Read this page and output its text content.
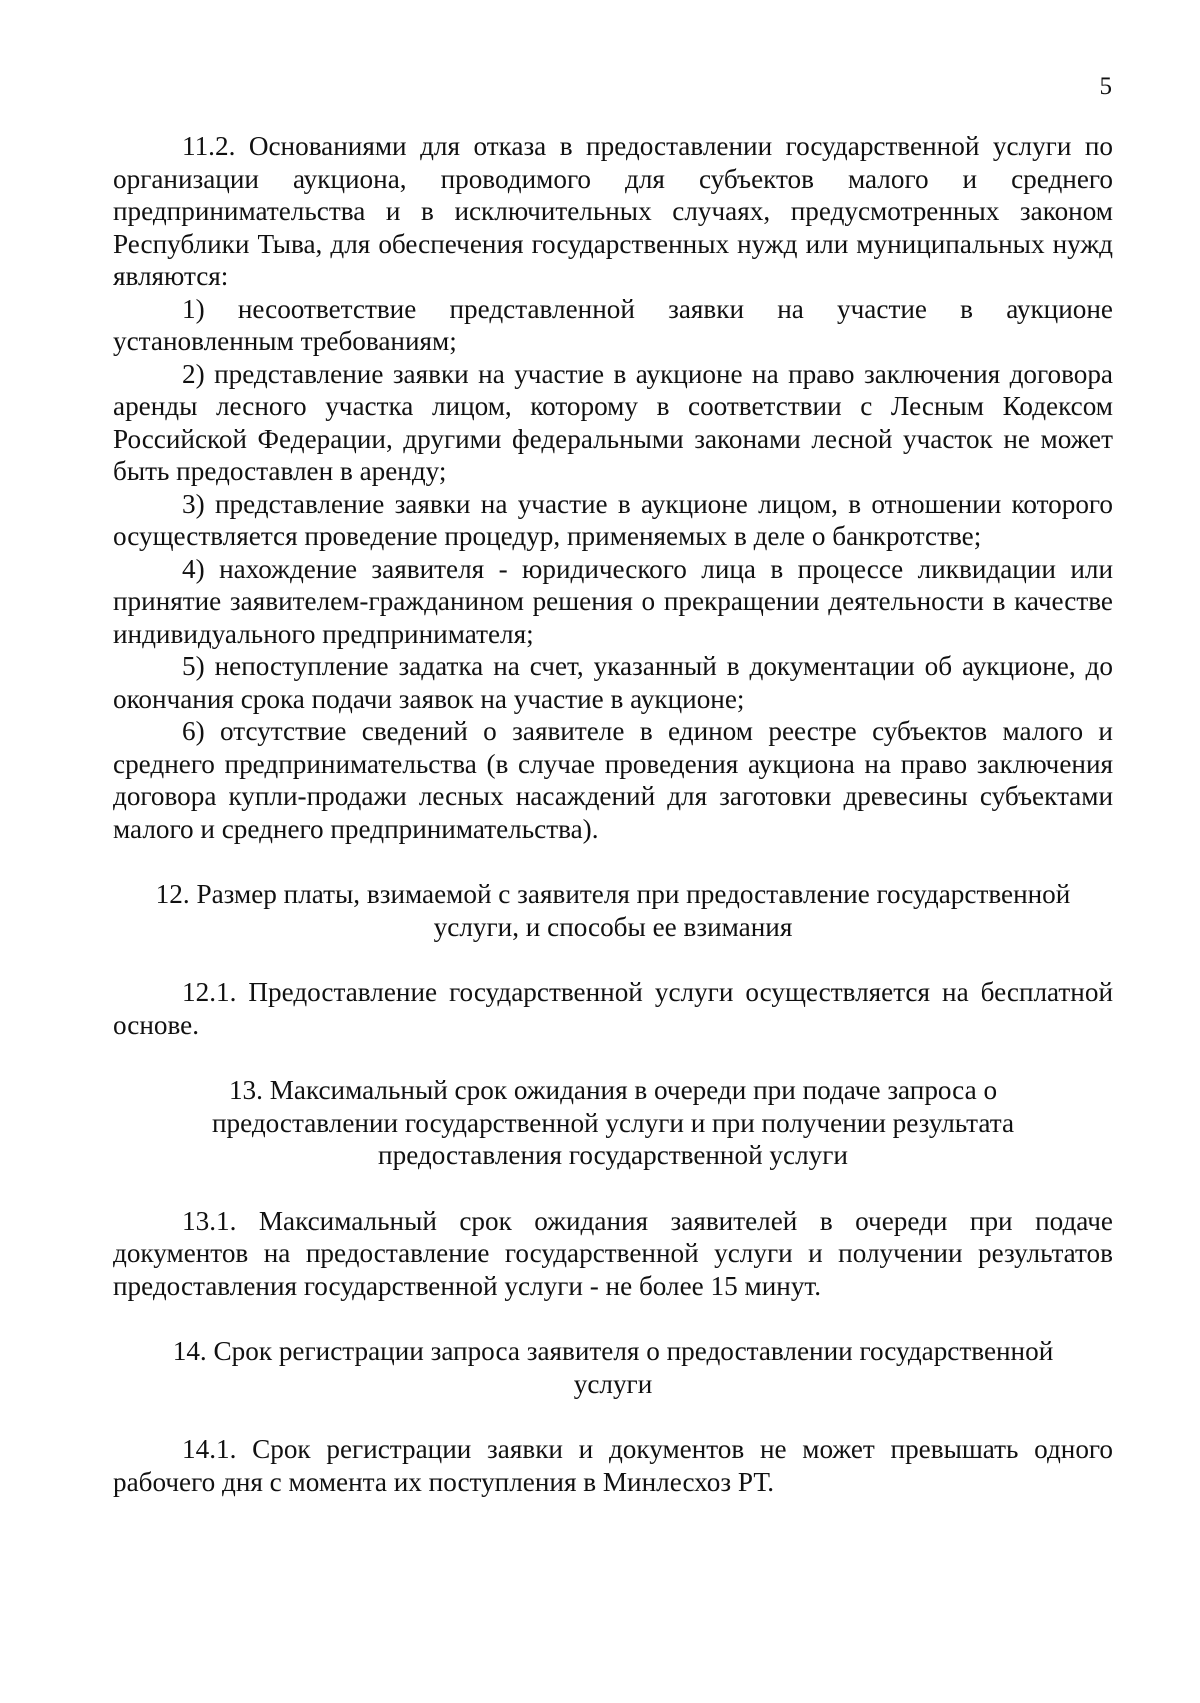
5

11.2. Основаниями для отказа в предоставлении государственной услуги по организации аукциона, проводимого для субъектов малого и среднего предпринимательства и в исключительных случаях, предусмотренных законом Республики Тыва, для обеспечения государственных нужд или муниципальных нужд являются:

1) несоответствие представленной заявки на участие в аукционе установленным требованиям;

2) представление заявки на участие в аукционе на право заключения договора аренды лесного участка лицом, которому в соответствии с Лесным Кодексом Российской Федерации, другими федеральными законами лесной участок не может быть предоставлен в аренду;

3) представление заявки на участие в аукционе лицом, в отношении которого осуществляется проведение процедур, применяемых в деле о банкротстве;

4) нахождение заявителя - юридического лица в процессе ликвидации или принятие заявителем-гражданином решения о прекращении деятельности в качестве индивидуального предпринимателя;

5) непоступление задатка на счет, указанный в документации об аукционе, до окончания срока подачи заявок на участие в аукционе;

6) отсутствие сведений о заявителе в едином реестре субъектов малого и среднего предпринимательства (в случае проведения аукциона на право заключения договора купли-продажи лесных насаждений для заготовки древесины субъектами малого и среднего предпринимательства).

12. Размер платы, взимаемой с заявителя при предоставление государственной услуги, и способы ее взимания

12.1. Предоставление государственной услуги осуществляется на бесплатной основе.

13. Максимальный срок ожидания в очереди при подаче запроса о предоставлении государственной услуги и при получении результата предоставления государственной услуги

13.1. Максимальный срок ожидания заявителей в очереди при подаче документов на предоставление государственной услуги и получении результатов предоставления государственной услуги - не более 15 минут.

14. Срок регистрации запроса заявителя о предоставлении государственной услуги

14.1. Срок регистрации заявки и документов не может превышать одного рабочего дня с момента их поступления в Минлесхоз РТ.
